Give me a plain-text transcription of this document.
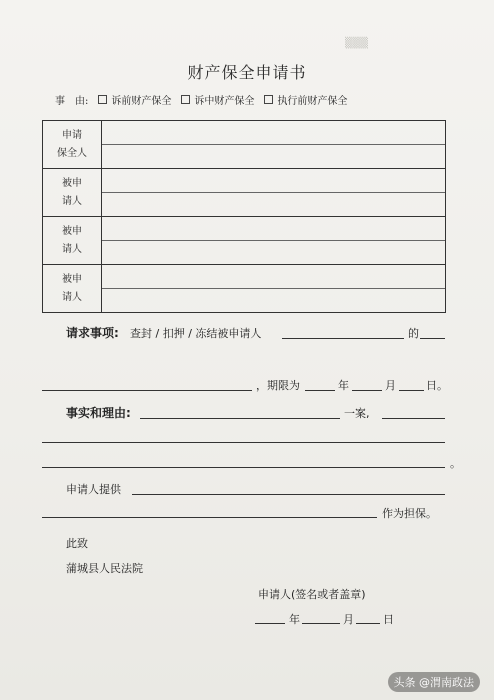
▒▒▒
财产保全申请书
事　由: 诉前财产保全 诉中财产保全 执行前财产保全
申请
保全人	

被申
请人	

被申
请人	

被申
请人	
请求事项: 查封 / 扣押 / 冻结被申请人	的
，期限为	年	月	日。
事实和理由:	一案,
。
申请人提供
作为担保。
此致
蒲城县人民法院
申请人(签名或者盖章)
年	月	日
头条 @渭南政法
